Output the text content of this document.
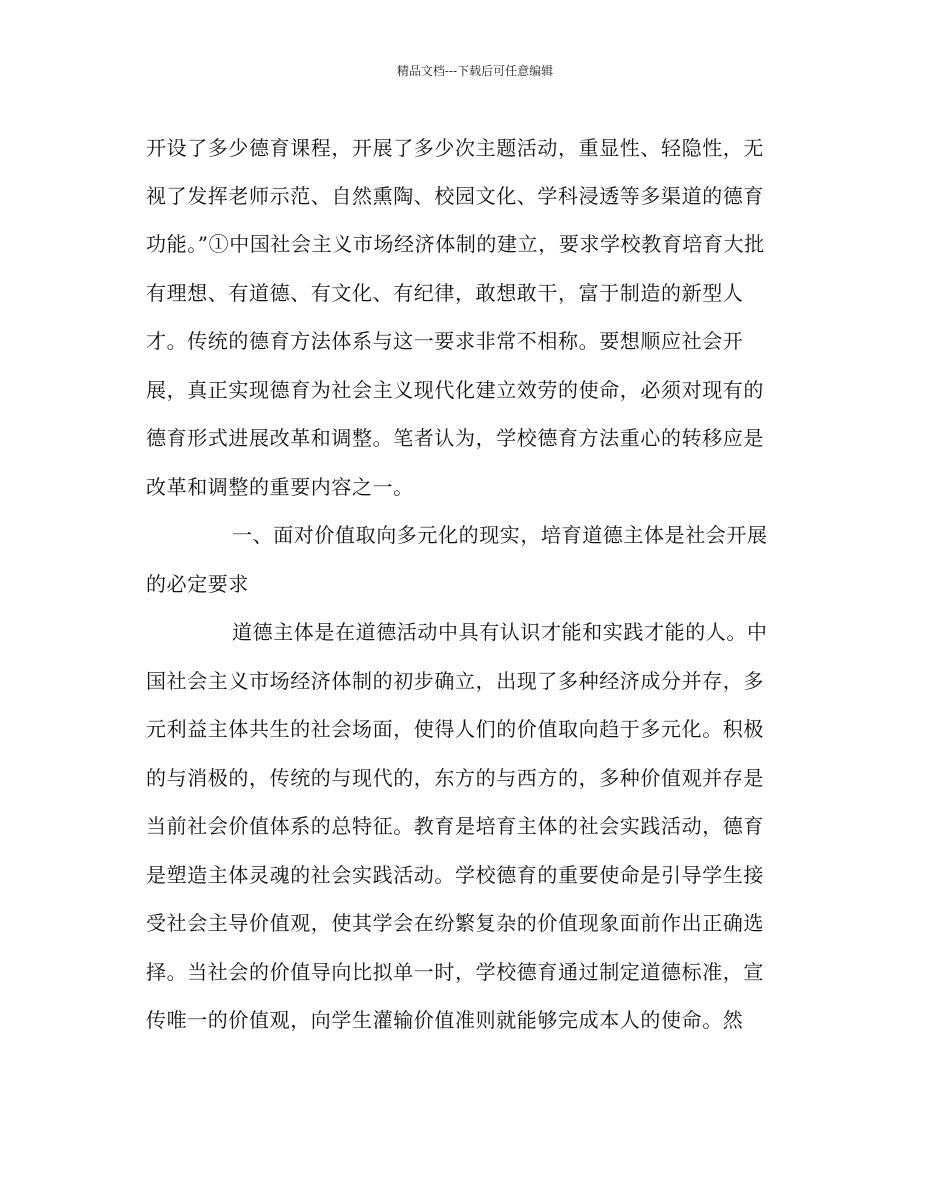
精品文档---下载后可任意编辑
开设了多少德育课程，开展了多少次主题活动，重显性、轻隐性，无
视了发挥老师示范、自然熏陶、校园文化、学科浸透等多渠道的德育
功能。”①中国社会主义市场经济体制的建立，要求学校教育培育大批
有理想、有道德、有文化、有纪律，敢想敢干，富于制造的新型人
才。传统的德育方法体系与这一要求非常不相称。要想顺应社会开
展，真正实现德育为社会主义现代化建立效劳的使命，必须对现有的
德育形式进展改革和调整。笔者认为，学校德育方法重心的转移应是
改革和调整的重要内容之一。
一、面对价值取向多元化的现实，培育道德主体是社会开展
的必定要求
道德主体是在道德活动中具有认识才能和实践才能的人。中
国社会主义市场经济体制的初步确立，出现了多种经济成分并存，多
元利益主体共生的社会场面，使得人们的价值取向趋于多元化。积极
的与消极的，传统的与现代的，东方的与西方的，多种价值观并存是
当前社会价值体系的总特征。教育是培育主体的社会实践活动，德育
是塑造主体灵魂的社会实践活动。学校德育的重要使命是引导学生接
受社会主导价值观，使其学会在纷繁复杂的价值现象面前作出正确选
择。当社会的价值导向比拟单一时，学校德育通过制定道德标准，宣
传唯一的价值观，向学生灌输价值准则就能够完成本人的使命。然
